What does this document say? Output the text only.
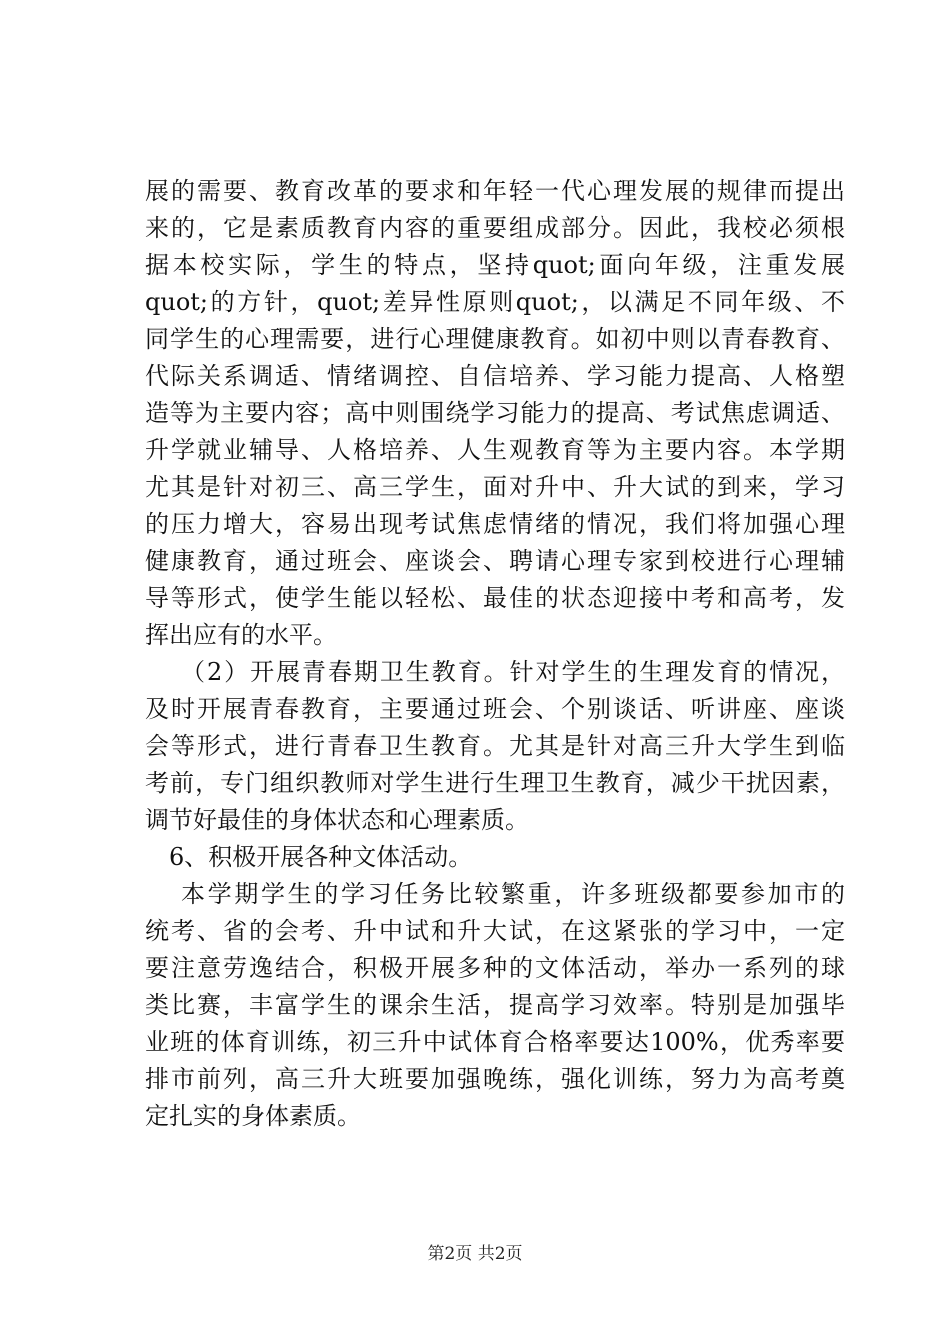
展的需要、教育改革的要求和年轻一代心理发展的规律而提出
来的，它是素质教育内容的重要组成部分。因此，我校必须根
据本校实际，学生的特点，坚持quot;面向年级，注重发展
quot;的方针，quot;差异性原则quot;，以满足不同年级、不
同学生的心理需要，进行心理健康教育。如初中则以青春教育、
代际关系调适、情绪调控、自信培养、学习能力提高、人格塑
造等为主要内容；高中则围绕学习能力的提高、考试焦虑调适、
升学就业辅导、人格培养、人生观教育等为主要内容。本学期
尤其是针对初三、高三学生，面对升中、升大试的到来，学习
的压力增大，容易出现考试焦虑情绪的情况，我们将加强心理
健康教育，通过班会、座谈会、聘请心理专家到校进行心理辅
导等形式，使学生能以轻松、最佳的状态迎接中考和高考，发
挥出应有的水平。
（2）开展青春期卫生教育。针对学生的生理发育的情况，
及时开展青春教育，主要通过班会、个别谈话、听讲座、座谈
会等形式，进行青春卫生教育。尤其是针对高三升大学生到临
考前，专门组织教师对学生进行生理卫生教育，减少干扰因素，
调节好最佳的身体状态和心理素质。
6、积极开展各种文体活动。
本学期学生的学习任务比较繁重，许多班级都要参加市的
统考、省的会考、升中试和升大试，在这紧张的学习中，一定
要注意劳逸结合，积极开展多种的文体活动，举办一系列的球
类比赛，丰富学生的课余生活，提高学习效率。特别是加强毕
业班的体育训练，初三升中试体育合格率要达100%，优秀率要
排市前列，高三升大班要加强晚练，强化训练，努力为高考奠
定扎实的身体素质。
第2页 共2页
